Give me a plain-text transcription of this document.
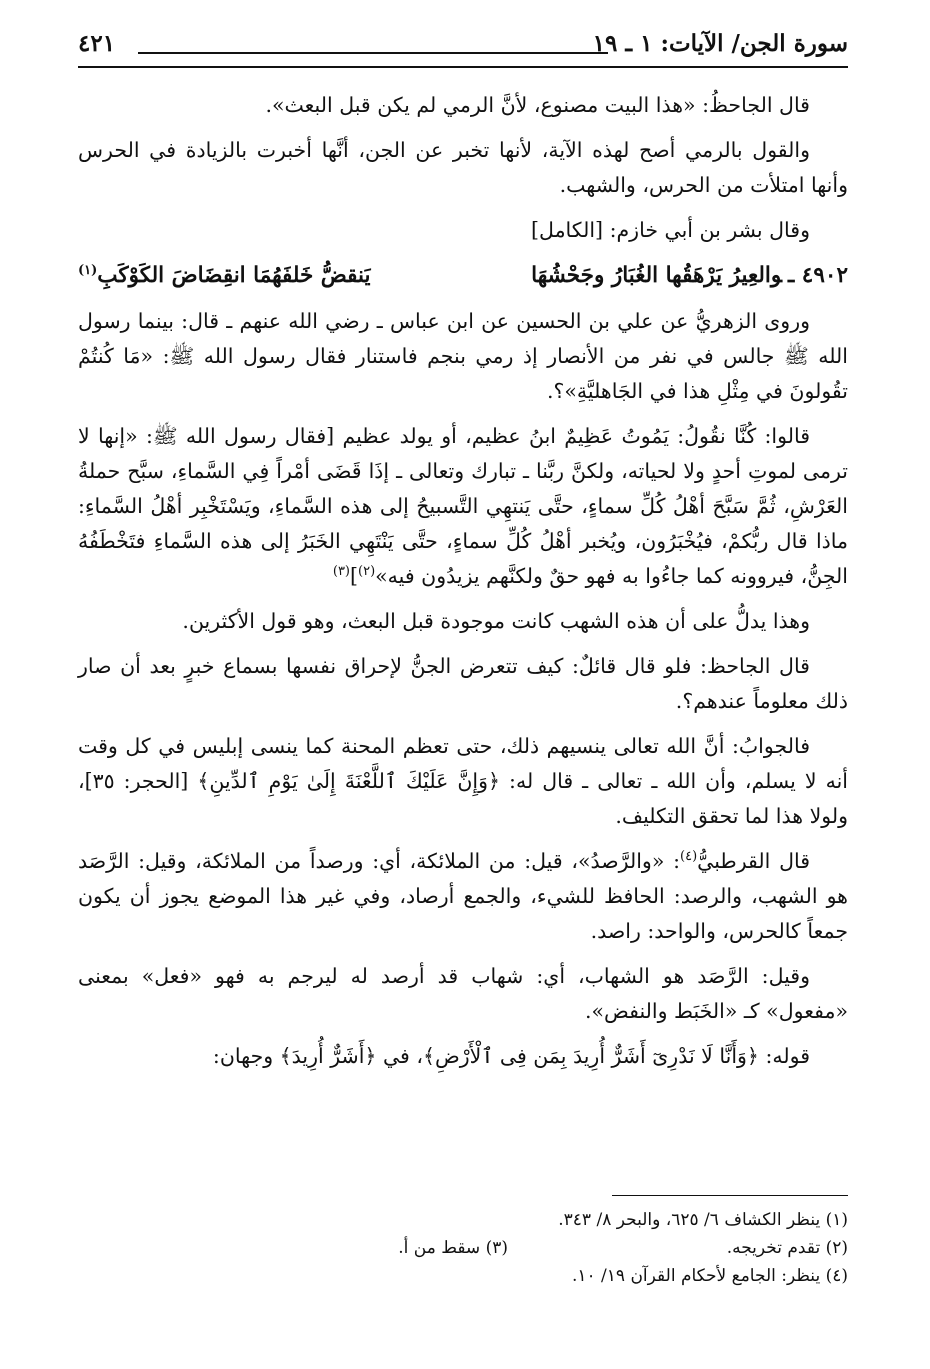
سورة الجن/ الآيات: ١ ـ ١٩
٤٢١

قال الجاحظُ: «هذا البيت مصنوع، لأنَّ الرمي لم يكن قبل البعث».

والقول بالرمي أصح لهذه الآية، لأنها تخبر عن الجن، أنَّها أخبرت بالزيادة في الحرس وأنها امتلأت من الحرس، والشهب.

وقال بشر بن أبي خازم: [الكامل]

٤٩٠٢ ـوالعِيرُ يَرْهَقُها الغُبَارُ وجَحْشُهَا
يَنقضُّ خَلفَهُمَا انقِضَاضَ الكَوْكَبِ$^{(١)}$

وروى الزهريُّ عن علي بن الحسين عن ابن عباس ـ رضي الله عنهم ـ قال: بينما رسول الله ﷺ جالس في نفر من الأنصار إذ رمي بنجم فاستنار فقال رسول الله ﷺ: «مَا كُنتُمْ تقُولونَ في مِثْلِ هذا في الجَاهليَّةِ»؟.

قالوا: كُنَّا نقُولُ: يَمُوتُ عَظِيمٌ ابنُ عظيم، أو يولد عظيم [فقال رسول الله ﷺ: «إنها لا ترمى لموتِ أحدٍ ولا لحياته، ولكنَّ ربَّنا ـ تبارك وتعالى ـ إذَا قَضَى أمْراً فِي السَّماءِ، سبَّح حملةُ العَرْشِ، ثُمَّ سَبَّحَ أهْلُ كُلِّ سماءٍ، حتَّى يَنتهِي التَّسبيحُ إلى هذه السَّماءِ، ويَسْتَخْبِر أهْلُ السَّماءِ: ماذا قال ربُّكمْ، فيُخْبَرُون، ويُخبر أهْلُ كُلِّ سماءٍ، حتَّى يَنْتَهِي الخَبَرُ إلى هذه السَّماءِ فتَخْطَفُهُ الجِنُّ، فيروونه كما جاءُوا به فهو حقٌ ولكنَّهم يزيدُون فيه»$^{(٢)}$]$^{(٣)}$

وهذا يدلُّ على أن هذه الشهب كانت موجودة قبل البعث، وهو قول الأكثرين.

قال الجاحظ: فلو قال قائلٌ: كيف تتعرض الجنُّ لإحراق نفسها بسماع خبرٍ بعد أن صار ذلك معلوماً عندهم؟.

فالجوابُ: أنَّ الله تعالى ينسيهم ذلك، حتى تعظم المحنة كما ينسى إبليس في كل وقت أنه لا يسلم، وأن الله ـ تعالى ـ قال له: ﴿وَإِنَّ عَلَيْكَ ٱللَّعْنَةَ إِلَىٰ يَوْمِ ٱلدِّينِ﴾ [الحجر: ٣٥]، ولولا هذا لما تحقق التكليف.

قال القرطبيُّ$^{(٤)}$: «والرَّصدُ»، قيل: من الملائكة، أي: ورصداً من الملائكة، وقيل: الرَّصَد هو الشهب، والرصد: الحافظ للشيء، والجمع أرصاد، وفي غير هذا الموضع يجوز أن يكون جمعاً كالحرس، والواحد: راصد.

وقيل: الرَّصَد هو الشهاب، أي: شهاب قد أرصد له ليرجم به فهو «فعل» بمعنى «مفعول» كـ «الخَبَط والنفض».

قوله: ﴿وَأَنَّا لَا نَدْرِىٓ أَشَرٌّ أُرِيدَ بِمَن فِى ٱلْأَرْضِ﴾، في ﴿أَشَرٌّ أُرِيدَ﴾ وجهان:

(١) ينظر الكشاف ٦/ ٦٢٥، والبحر ٨/ ٣٤٣.
(٢) تقدم تخريجه.
(٣) سقط من أ.
(٤) ينظر: الجامع لأحكام القرآن ١٩/ ١٠.
